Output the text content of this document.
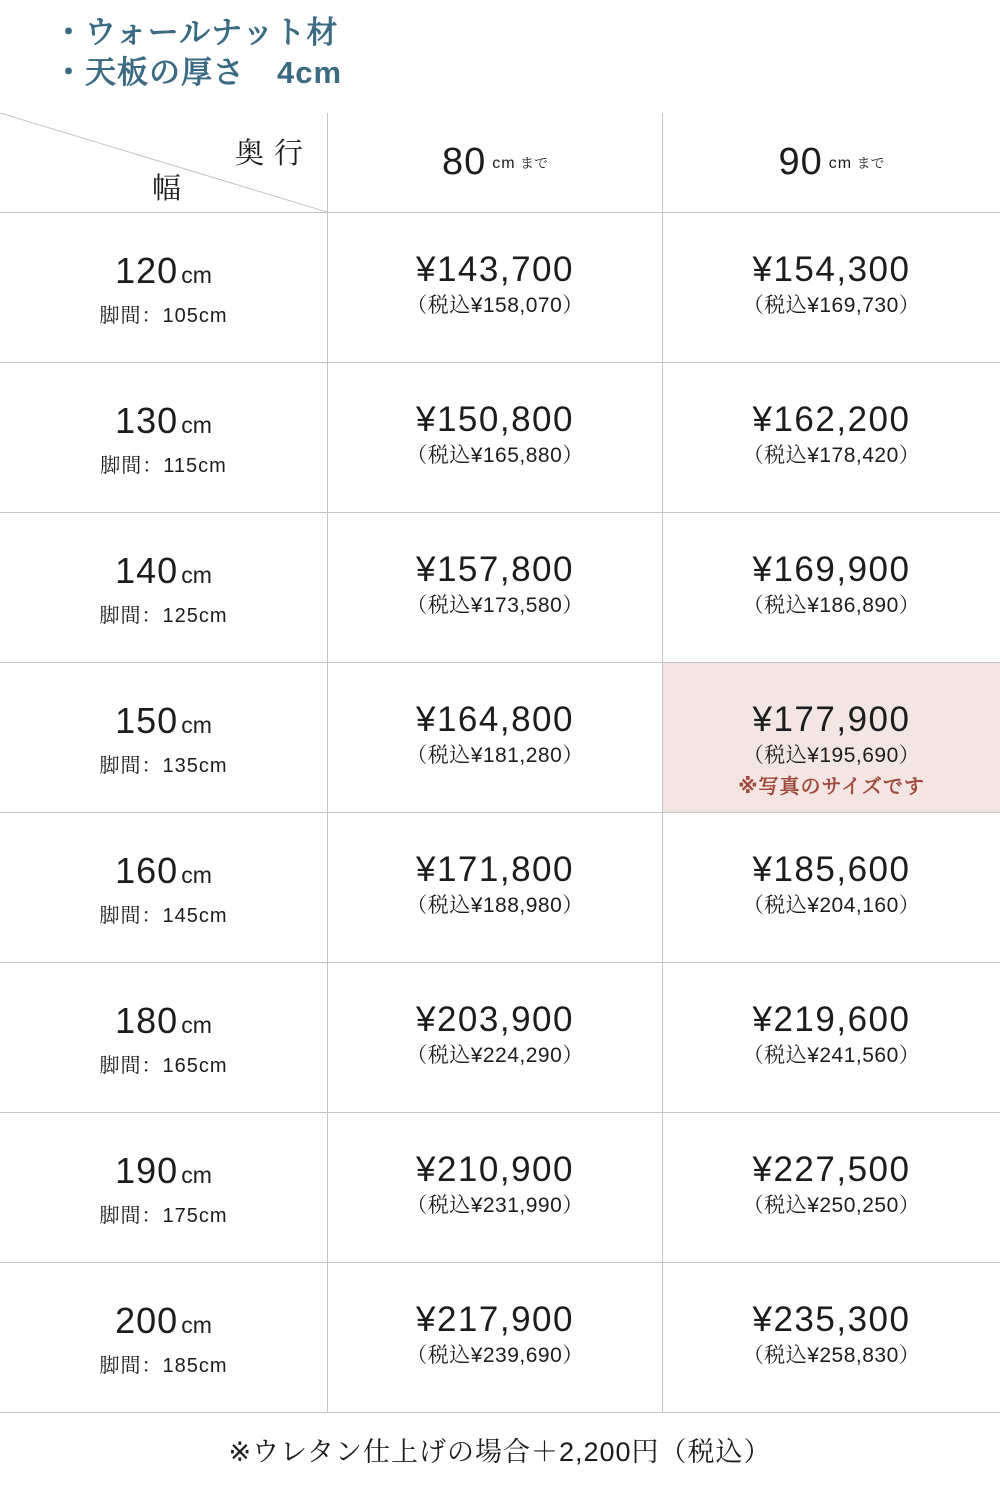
・ウォールナット材
・天板の厚さ　4cm
奥行
幅
80 cm まで	90 cm まで
120 cm
脚間：105cm
¥143,700
（税込¥158,070）
¥154,300
（税込¥169,730）
130 cm
脚間：115cm
¥150,800
（税込¥165,880）
¥162,200
（税込¥178,420）
140 cm
脚間：125cm
¥157,800
（税込¥173,580）
¥169,900
（税込¥186,890）
150 cm
脚間：135cm
¥164,800
（税込¥181,280）
¥177,900
（税込¥195,690）
※写真のサイズです
160 cm
脚間：145cm
¥171,800
（税込¥188,980）
¥185,600
（税込¥204,160）
180 cm
脚間：165cm
¥203,900
（税込¥224,290）
¥219,600
（税込¥241,560）
190 cm
脚間：175cm
¥210,900
（税込¥231,990）
¥227,500
（税込¥250,250）
200 cm
脚間：185cm
¥217,900
（税込¥239,690）
¥235,300
（税込¥258,830）
※ウレタン仕上げの場合＋2,200円（税込）
